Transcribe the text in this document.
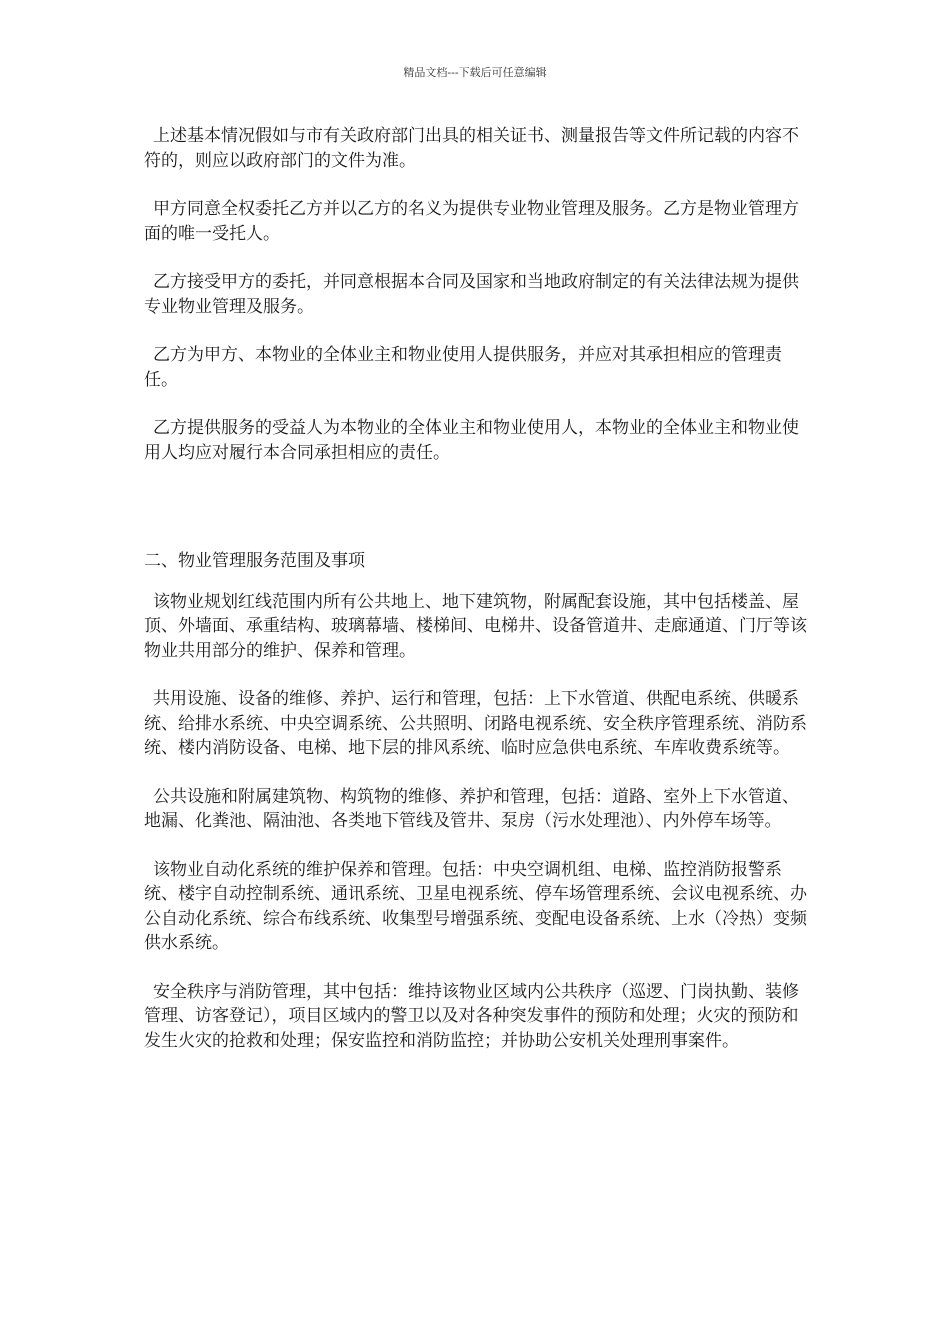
精品文档---下载后可任意编辑

上述基本情况假如与市有关政府部门出具的相关证书、测量报告等文件所记载的内容不符的，则应以政府部门的文件为准。

甲方同意全权委托乙方并以乙方的名义为提供专业物业管理及服务。乙方是物业管理方面的唯一受托人。

乙方接受甲方的委托，并同意根据本合同及国家和当地政府制定的有关法律法规为提供专业物业管理及服务。

乙方为甲方、本物业的全体业主和物业使用人提供服务，并应对其承担相应的管理责任。

乙方提供服务的受益人为本物业的全体业主和物业使用人，本物业的全体业主和物业使用人均应对履行本合同承担相应的责任。

二、物业管理服务范围及事项

该物业规划红线范围内所有公共地上、地下建筑物，附属配套设施，其中包括楼盖、屋顶、外墙面、承重结构、玻璃幕墙、楼梯间、电梯井、设备管道井、走廊通道、门厅等该物业共用部分的维护、保养和管理。

共用设施、设备的维修、养护、运行和管理，包括：上下水管道、供配电系统、供暖系统、给排水系统、中央空调系统、公共照明、闭路电视系统、安全秩序管理系统、消防系统、楼内消防设备、电梯、地下层的排风系统、临时应急供电系统、车库收费系统等。

公共设施和附属建筑物、构筑物的维修、养护和管理，包括：道路、室外上下水管道、地漏、化粪池、隔油池、各类地下管线及管井、泵房（污水处理池）、内外停车场等。

该物业自动化系统的维护保养和管理。包括：中央空调机组、电梯、监控消防报警系统、楼宇自动控制系统、通讯系统、卫星电视系统、停车场管理系统、会议电视系统、办公自动化系统、综合布线系统、收集型号增强系统、变配电设备系统、上水（冷热）变频供水系统。

安全秩序与消防管理，其中包括：维持该物业区域内公共秩序（巡逻、门岗执勤、装修管理、访客登记），项目区域内的警卫以及对各种突发事件的预防和处理；火灾的预防和发生火灾的抢救和处理；保安监控和消防监控；并协助公安机关处理刑事案件。
